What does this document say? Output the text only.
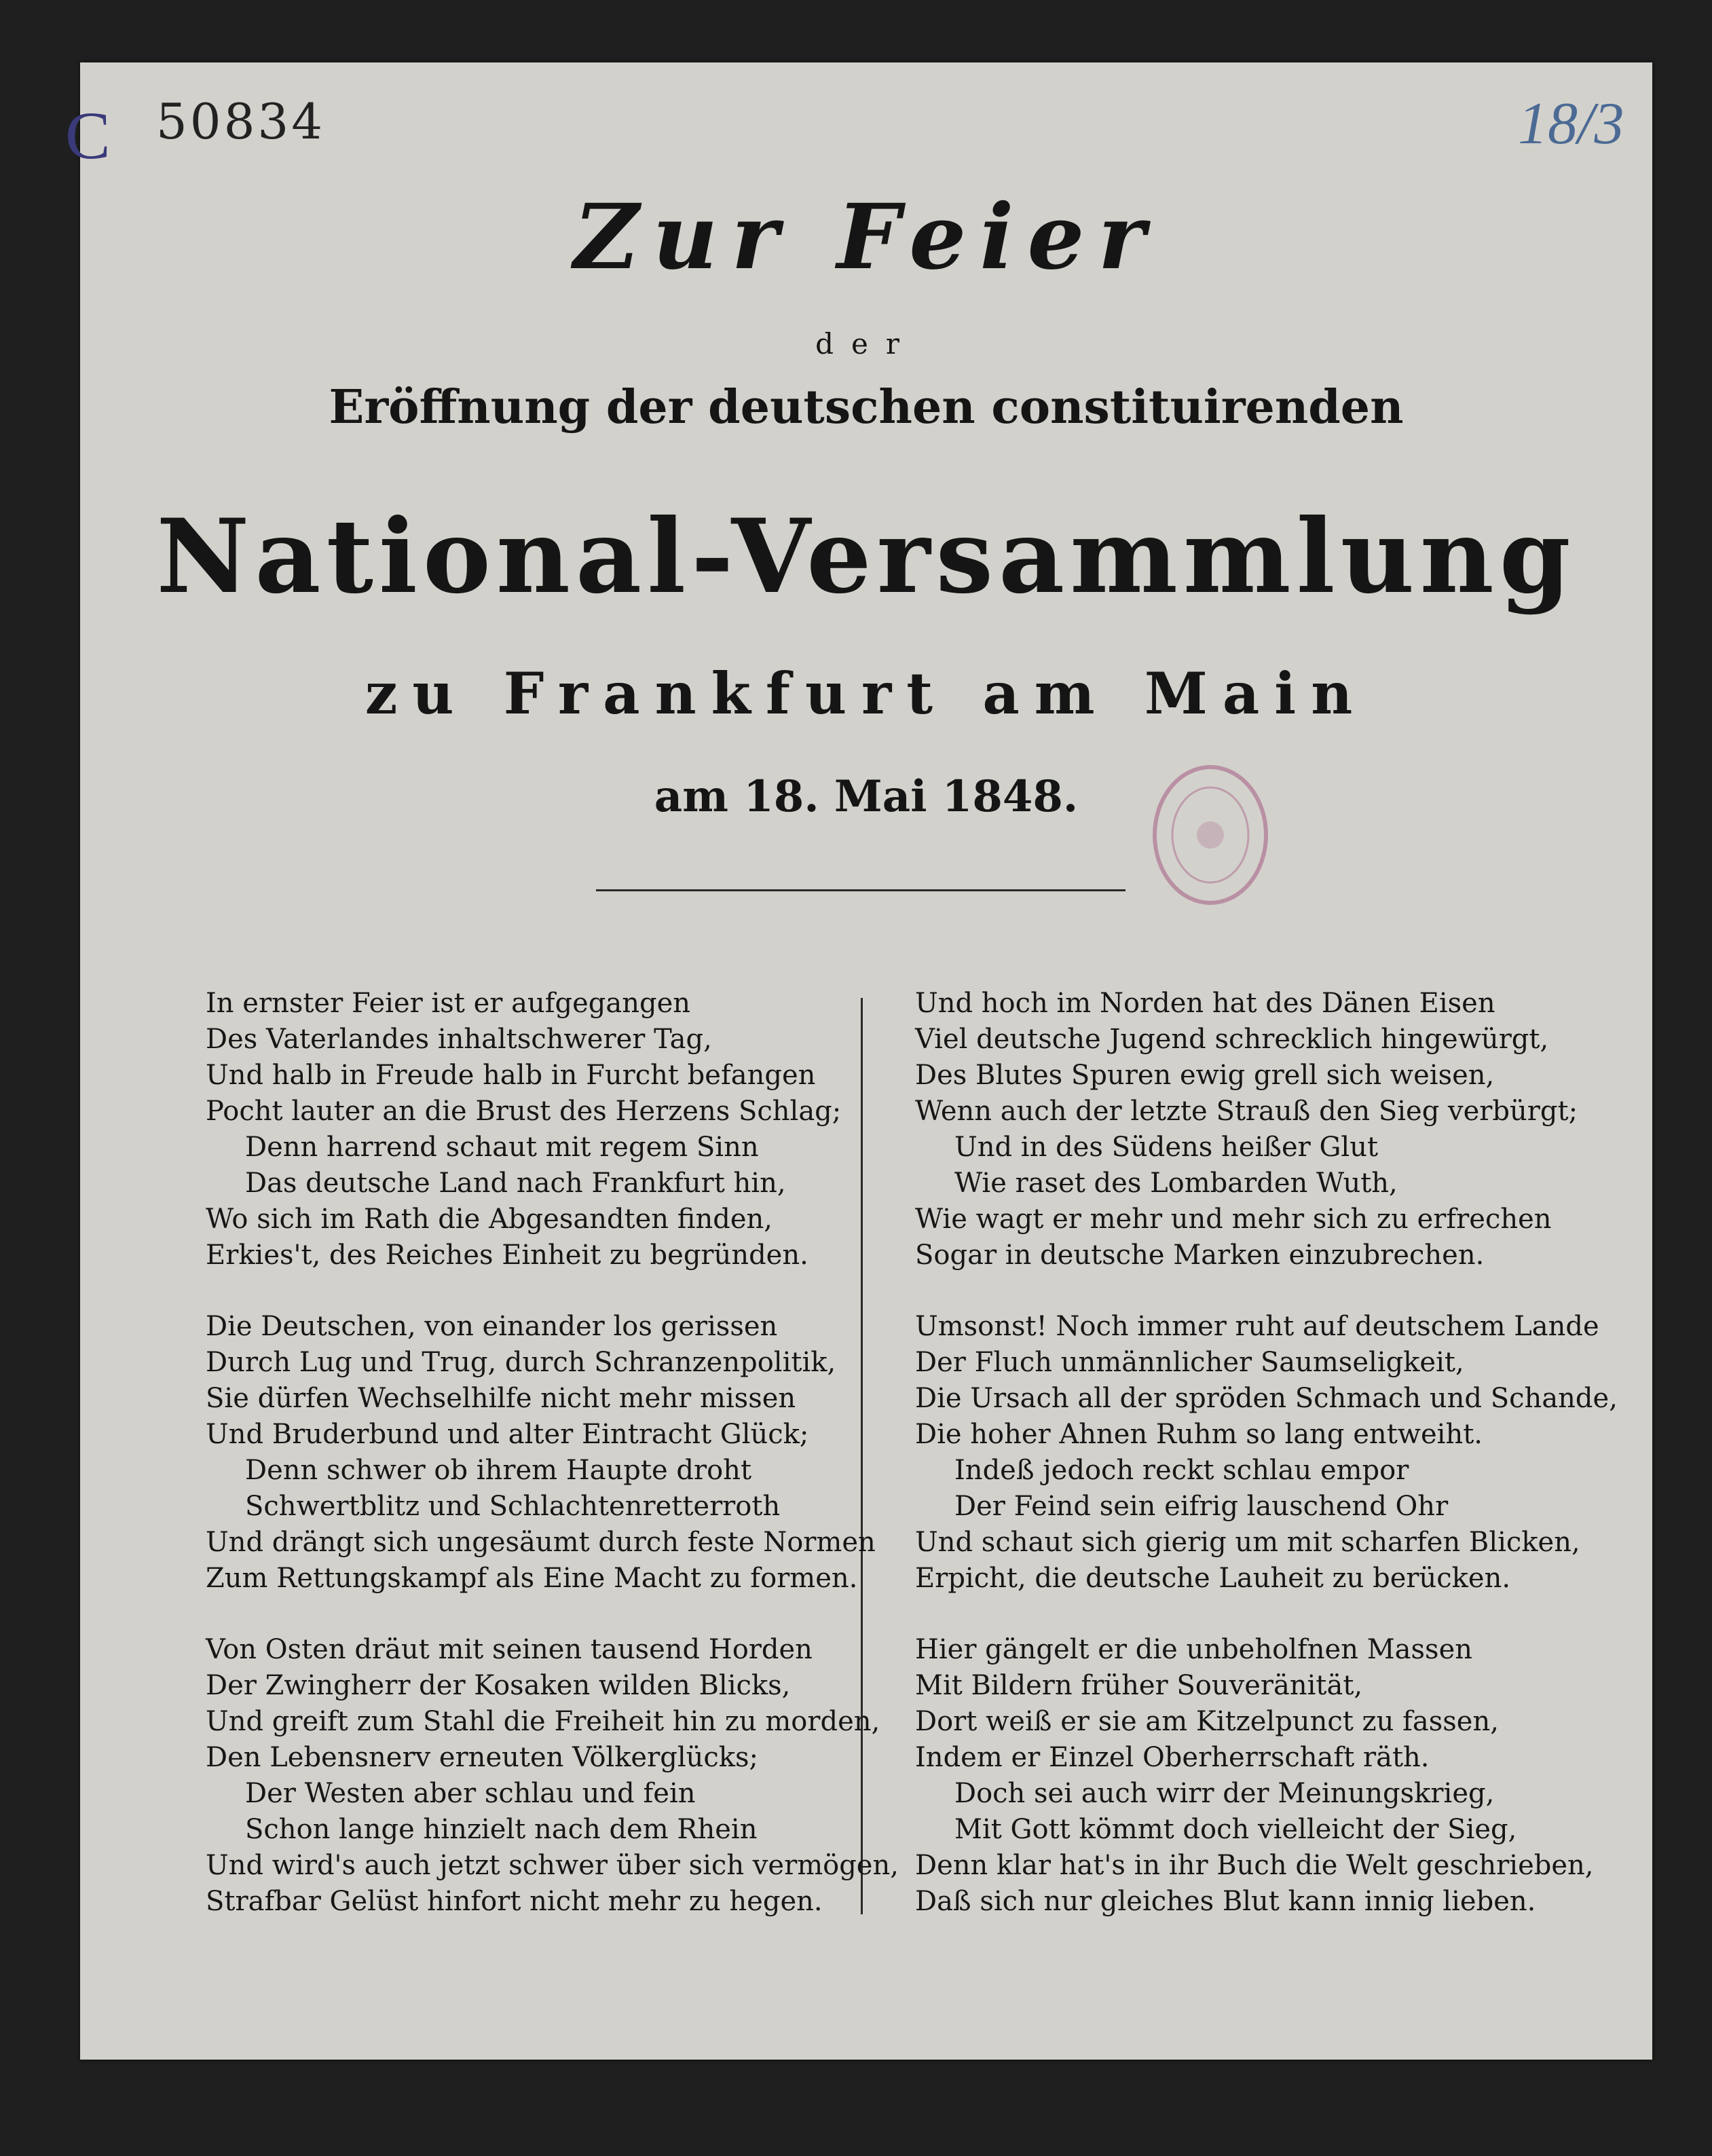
C 50834	18/3
Zur Feier
der
Eröffnung der deutschen constituirenden
National-Versammlung
zu Frankfurt am Main
am 18. Mai 1848.
In ernster Feier ist er aufgegangen
Des Vaterlandes inhaltschwerer Tag,
Und halb in Freude halb in Furcht befangen
Pocht lauter an die Brust des Herzens Schlag;
Denn harrend schaut mit regem Sinn
Das deutsche Land nach Frankfurt hin,
Wo sich im Rath die Abgesandten finden,
Erkies't, des Reiches Einheit zu begründen.
Die Deutschen, von einander los gerissen
Durch Lug und Trug, durch Schranzenpolitik,
Sie dürfen Wechselhilfe nicht mehr missen
Und Bruderbund und alter Eintracht Glück;
Denn schwer ob ihrem Haupte droht
Schwertblitz und Schlachtenretterroth
Und drängt sich ungesäumt durch feste Normen
Zum Rettungskampf als Eine Macht zu formen.
Von Osten dräut mit seinen tausend Horden
Der Zwingherr der Kosaken wilden Blicks,
Und greift zum Stahl die Freiheit hin zu morden,
Den Lebensnerv erneuten Völkerglücks;
Der Westen aber schlau und fein
Schon lange hinzielt nach dem Rhein
Und wird's auch jetzt schwer über sich vermögen,
Strafbar Gelüst hinfort nicht mehr zu hegen.
Und hoch im Norden hat des Dänen Eisen
Viel deutsche Jugend schrecklich hingewürgt,
Des Blutes Spuren ewig grell sich weisen,
Wenn auch der letzte Strauß den Sieg verbürgt;
Und in des Südens heißer Glut
Wie raset des Lombarden Wuth,
Wie wagt er mehr und mehr sich zu erfrechen
Sogar in deutsche Marken einzubrechen.
Umsonst! Noch immer ruht auf deutschem Lande
Der Fluch unmännlicher Saumseligkeit,
Die Ursach all der spröden Schmach und Schande,
Die hoher Ahnen Ruhm so lang entweiht.
Indeß jedoch reckt schlau empor
Der Feind sein eifrig lauschend Ohr
Und schaut sich gierig um mit scharfen Blicken,
Erpicht, die deutsche Lauheit zu berücken.
Hier gängelt er die unbeholfnen Massen
Mit Bildern früher Souveränität,
Dort weiß er sie am Kitzelpunct zu fassen,
Indem er Einzel Oberherrschaft räth.
Doch sei auch wirr der Meinungskrieg,
Mit Gott kömmt doch vielleicht der Sieg,
Denn klar hat's in ihr Buch die Welt geschrieben,
Daß sich nur gleiches Blut kann innig lieben.
